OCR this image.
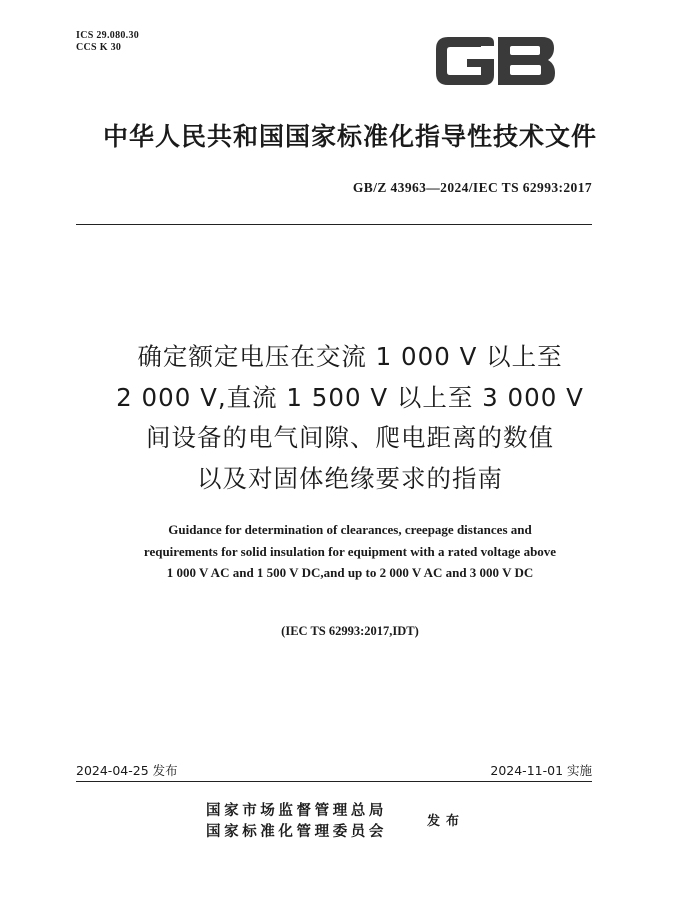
ICS 29.080.30
CCS K 30
中华人民共和国国家标准化指导性技术文件
GB/Z 43963—2024/IEC TS 62993:2017
确定额定电压在交流 1 000 V 以上至
2 000 V,直流 1 500 V 以上至 3 000 V
间设备的电气间隙、爬电距离的数值
以及对固体绝缘要求的指南
Guidance for determination of clearances, creepage distances and
requirements for solid insulation for equipment with a rated voltage above
1 000 V AC and 1 500 V DC,and up to 2 000 V AC and 3 000 V DC
(IEC TS 62993:2017,IDT)
2024-04-25 发布	2024-11-01 实施
国家市场监督管理总局
国家标准化管理委员会
发布
